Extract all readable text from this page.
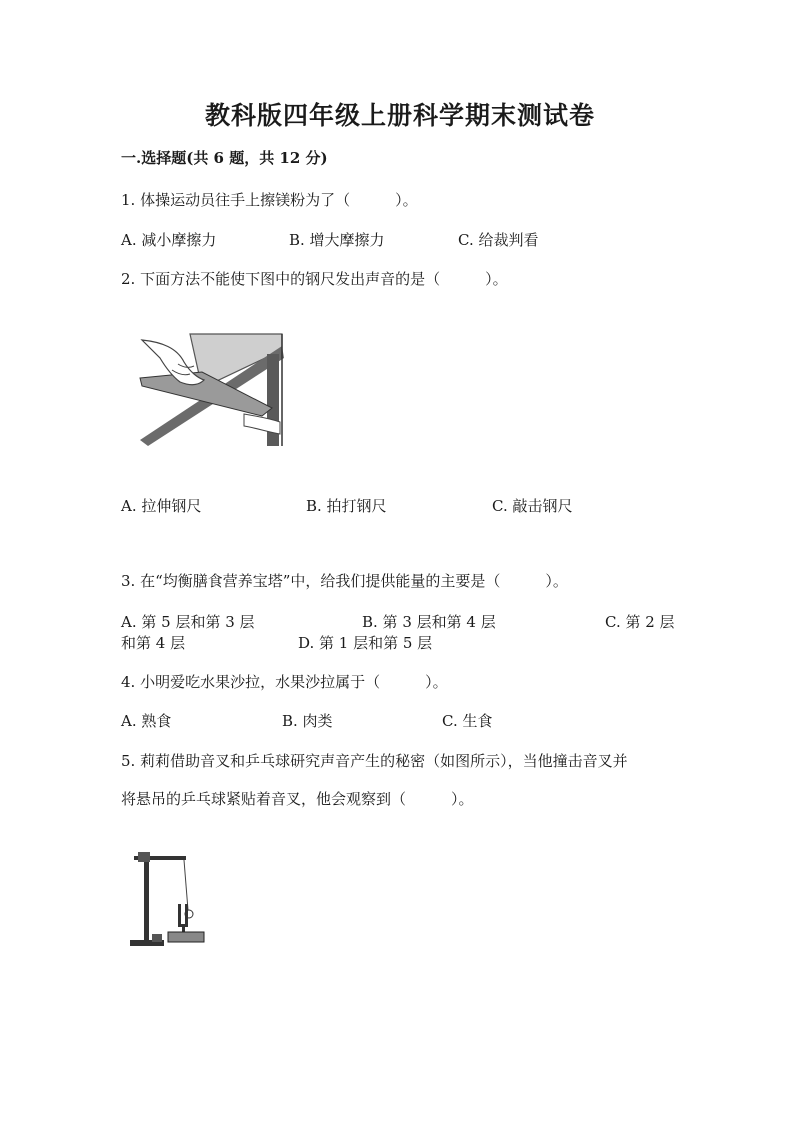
教科版四年级上册科学期末测试卷
一.选择题(共 6 题，共 12 分)
1. 体操运动员往手上擦镁粉为了（　　　）。
A. 减小摩擦力	B. 增大摩擦力	C. 给裁判看
2. 下面方法不能使下图中的钢尺发出声音的是（　　　）。
A. 拉伸钢尺	B. 拍打钢尺	C. 敲击钢尺
3. 在“均衡膳食营养宝塔”中，给我们提供能量的主要是（　　　）。
A. 第 5 层和第 3 层	B. 第 3 层和第 4 层	C. 第 2 层
和第 4 层	D. 第 1 层和第 5 层
4. 小明爱吃水果沙拉，水果沙拉属于（　　　）。
A. 熟食	B. 肉类	C. 生食
5. 莉莉借助音叉和乒乓球研究声音产生的秘密（如图所示），当他撞击音叉并
将悬吊的乒乓球紧贴着音叉，他会观察到（　　　）。
